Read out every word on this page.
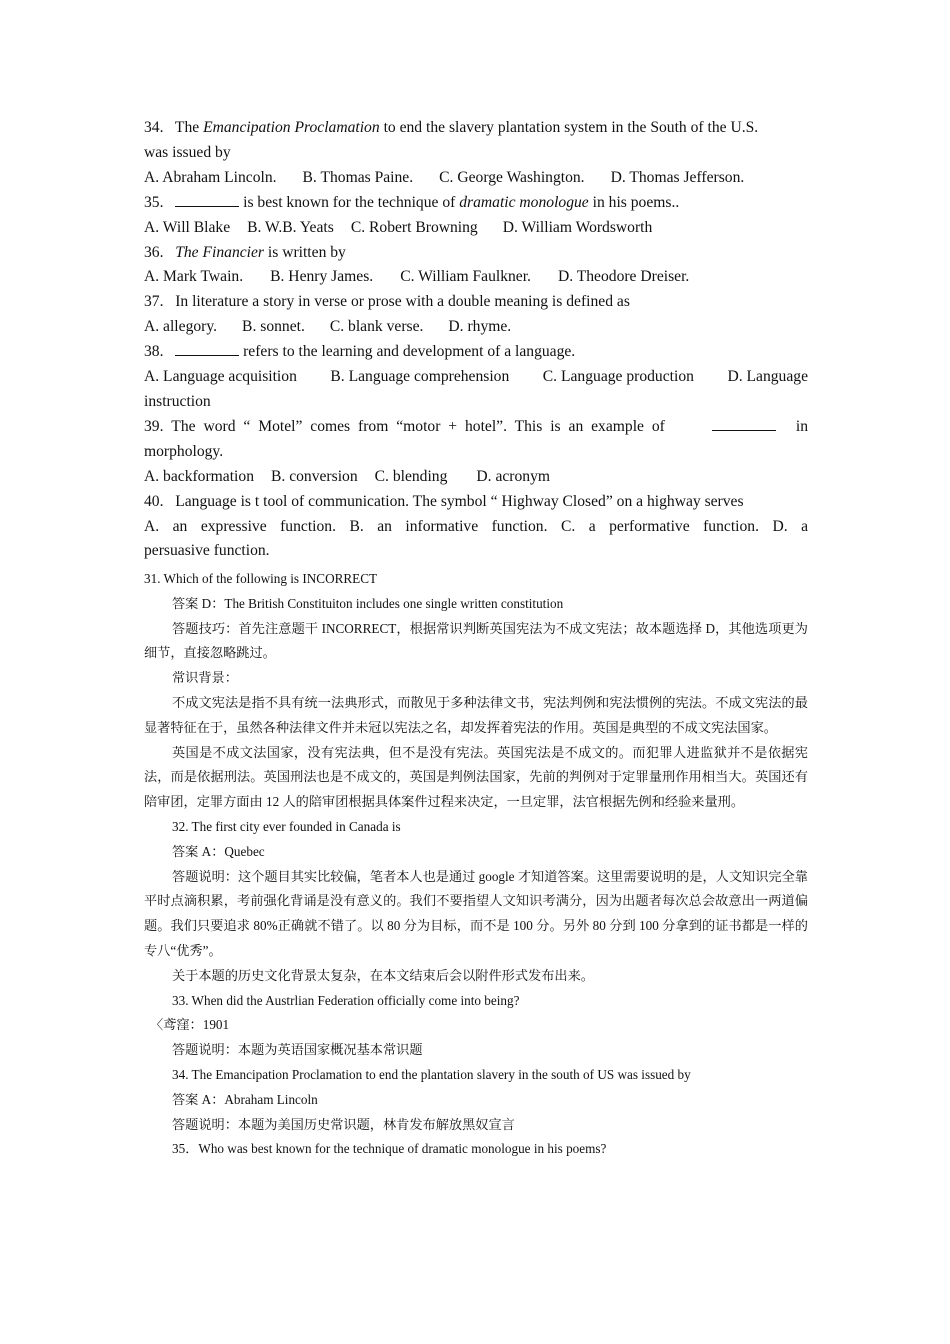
34. The Emancipation Proclamation to end the slavery plantation system in the South of the U.S.
was issued by
A. Abraham Lincoln. B. Thomas Paine. C. George Washington. D. Thomas Jefferson.
35.	is best known for the technique of dramatic monologue in his poems..
A. Will Blake B. W.B. Yeats C. Robert Browning D. William Wordsworth
36. The Financier is written by
A. Mark Twain. B. Henry James. C. William Faulkner. D. Theodore Dreiser.
37. In literature a story in verse or prose with a double meaning is defined as
A. allegory. B. sonnet. C. blank verse. D. rhyme.
38.	refers to the learning and development of a language.
A. Language acquisition B. Language comprehension C. Language production D. Language
instruction
39. The word “ Motel” comes from “motor + hotel”. This is an example of	in
morphology.
A. backformation B. conversion C. blending D. acronym
40. Language is t tool of communication. The symbol “ Highway Closed” on a highway serves
A. an expressive function. B. an informative function. C. a performative function. D. a
persuasive function.
31. Which of the following is INCORRECT
答案 D：The British Constituiton includes one single written constitution
答题技巧：首先注意题干 INCORRECT，根据常识判断英国宪法为不成文宪法；故本题选择 D，其他选项更为细节，直接忽略跳过。
常识背景：
不成文宪法是指不具有统一法典形式，而散见于多种法律文书，宪法判例和宪法惯例的宪法。不成文宪法的最显著特征在于，虽然各种法律文件并未冠以宪法之名，却发挥着宪法的作用。英国是典型的不成文宪法国家。
英国是不成文法国家，没有宪法典，但不是没有宪法。英国宪法是不成文的。而犯罪人进监狱并不是依据宪法，而是依据刑法。英国刑法也是不成文的，英国是判例法国家，先前的判例对于定罪量刑作用相当大。英国还有陪审团，定罪方面由 12 人的陪审团根据具体案件过程来决定，一旦定罪，法官根据先例和经验来量刑。
32. The first city ever founded in Canada is
答案 A：Quebec
答题说明：这个题目其实比较偏，笔者本人也是通过 google 才知道答案。这里需要说明的是，人文知识完全靠平时点滴积累，考前强化背诵是没有意义的。我们不要指望人文知识考满分，因为出题者每次总会故意出一两道偏题。我们只要追求 80%正确就不错了。以 80 分为目标，而不是 100 分。另外 80 分到 100 分拿到的证书都是一样的专八“优秀”。
关于本题的历史文化背景太复杂，在本文结束后会以附件形式发布出来。
33. When did the Austrlian Federation officially come into being?
〈鸢窪：1901
答题说明：本题为英语国家概况基本常识题
34. The Emancipation Proclamation to end the plantation slavery in the south of US was issued by
答案 A：Abraham Lincoln
答题说明：本题为美国历史常识题，林肯发布解放黑奴宣言
35．Who was best known for the technique of dramatic monologue in his poems?
